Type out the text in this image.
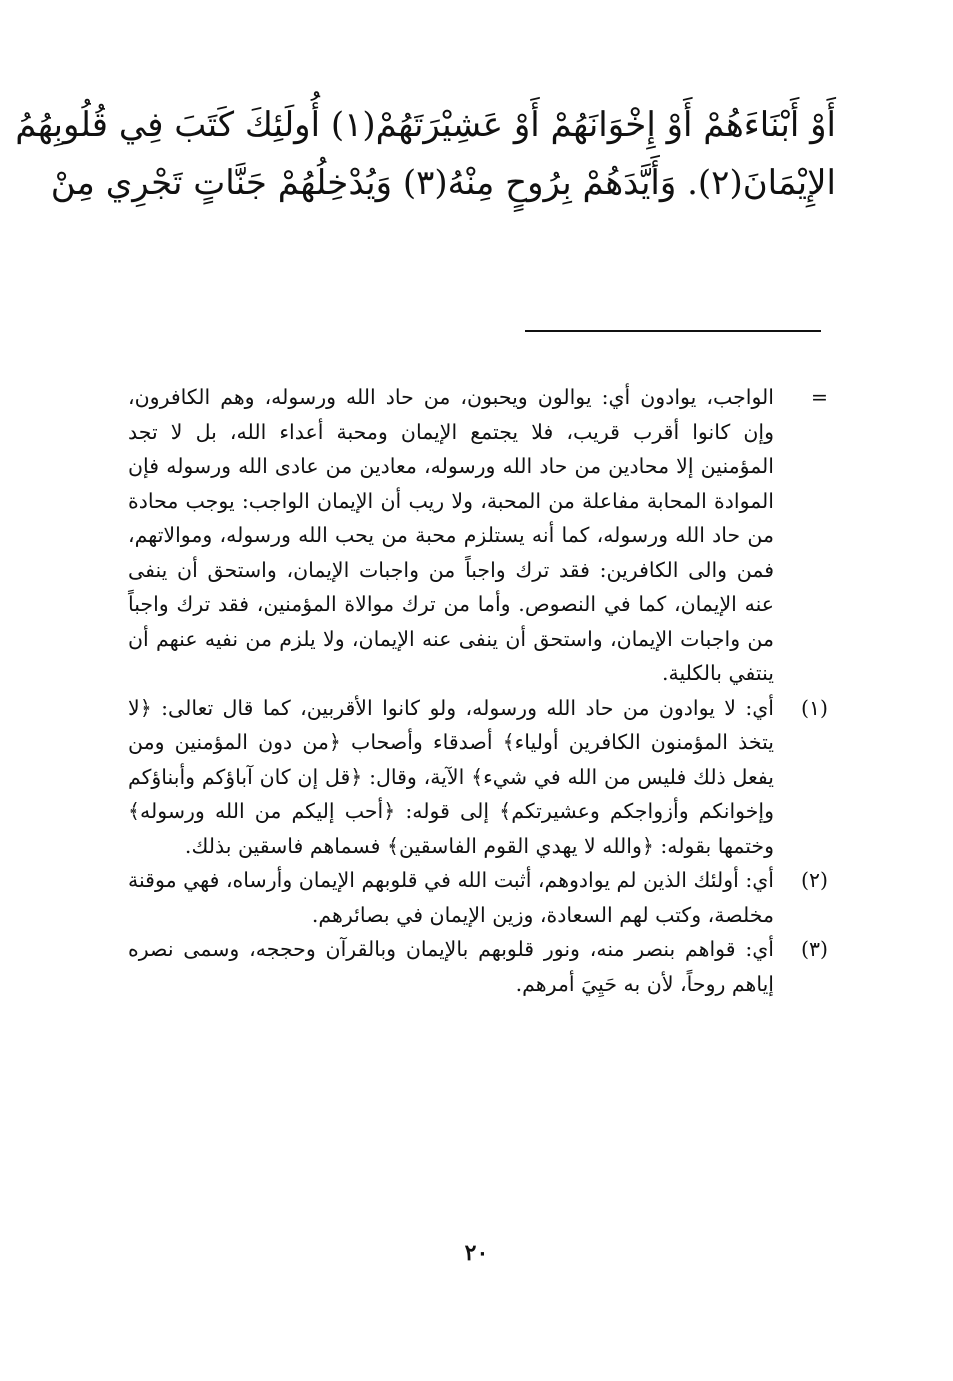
أَوْ أَبْنَاءَهُمْ أَوْ إِخْوَانَهُمْ أَوْ عَشِيْرَتَهُمْ(١) أُولَئِكَ كَتَبَ فِي قُلُوبِهُمُ
الإِيْمَانَ(٢). وَأَيَّدَهُمْ بِرُوحٍ مِنْهُ(٣) وَيُدْخِلُهُمْ جَنَّاتٍ تَجْرِي مِنْ
=
الواجب، يوادون أي: يوالون ويحبون، من حاد الله ورسوله، وهم الكافرون، وإن كانوا أقرب قريب، فلا يجتمع الإيمان ومحبة أعداء الله، بل لا تجد المؤمنين إلا محادين من حاد الله ورسوله، معادين من عادى الله ورسوله فإن الموادة المحابة مفاعلة من المحبة، ولا ريب أن الإيمان الواجب: يوجب محادة من حاد الله ورسوله، كما أنه يستلزم محبة من يحب الله ورسوله، وموالاتهم، فمن والى الكافرين: فقد ترك واجباً من واجبات الإيمان، واستحق أن ينفى عنه الإيمان، كما في النصوص. وأما من ترك موالاة المؤمنين، فقد ترك واجباً من واجبات الإيمان، واستحق أن ينفى عنه الإيمان، ولا يلزم من نفيه عنهم أن ينتفي بالكلية.
(١)
أي: لا يوادون من حاد الله ورسوله، ولو كانوا الأقربين، كما قال تعالى: ﴿لا يتخذ المؤمنون الكافرين أولياء﴾ أصدقاء وأصحاب ﴿من دون المؤمنين ومن يفعل ذلك فليس من الله في شيء﴾ الآية، وقال: ﴿قل إن كان آباؤكم وأبناؤكم وإخوانكم وأزواجكم وعشيرتكم﴾ إلى قوله: ﴿أحب إليكم من الله ورسوله﴾ وختمها بقوله: ﴿والله لا يهدي القوم الفاسقين﴾ فسماهم فاسقين بذلك.
(٢)
أي: أولئك الذين لم يوادوهم، أثبت الله في قلوبهم الإيمان وأرساه، فهي موقنة مخلصة، وكتب لهم السعادة، وزين الإيمان في بصائرهم.
(٣)
أي: قواهم بنصر منه، ونور قلوبهم بالإيمان وبالقرآن وحججه، وسمى نصره إياهم روحاً، لأن به حَيِيَ أمرهم.
٢٠
